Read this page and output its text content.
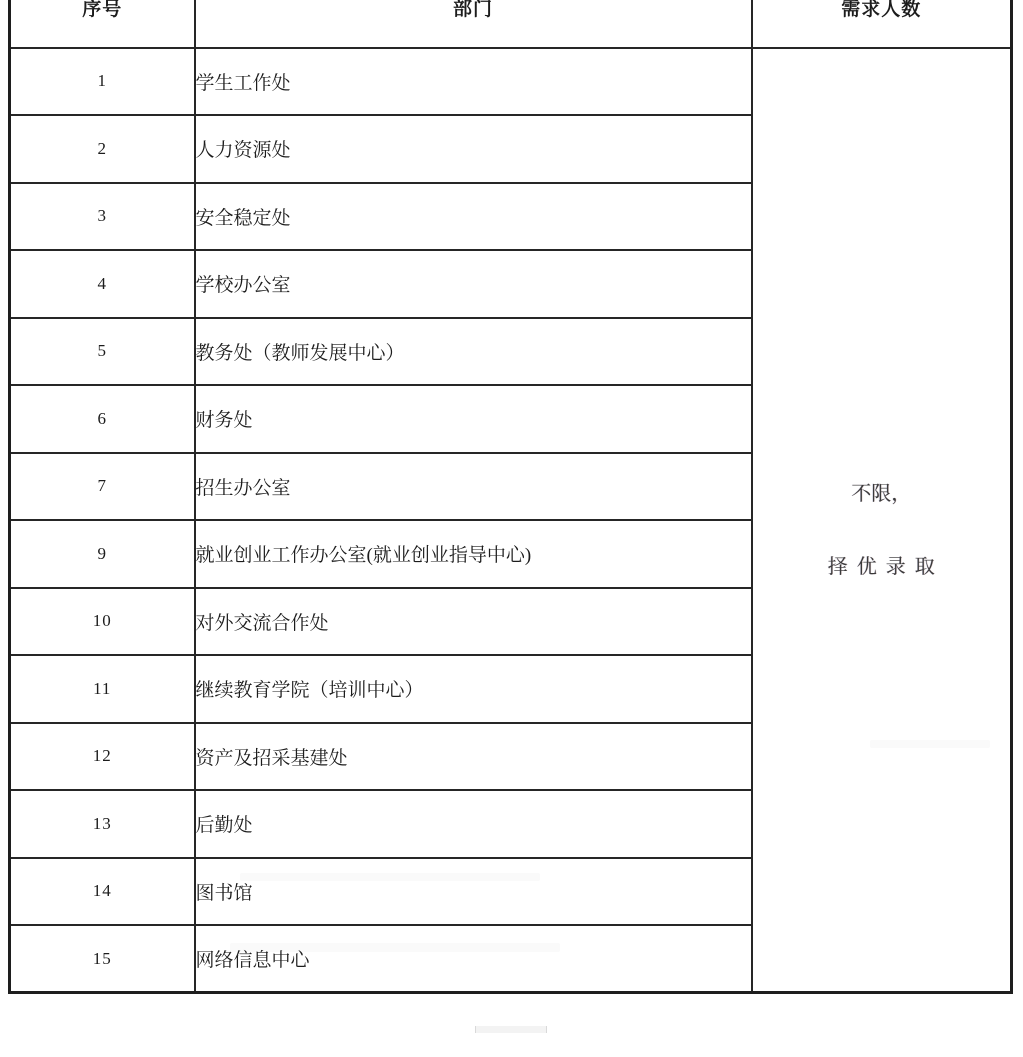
序号	部门	需求人数
1	学生工作处	不限，
择优录取

2	人力资源处	
3	安全稳定处	
4	学校办公室	
5	教务处（教师发展中心）	
6	财务处	
7	招生办公室	
9	就业创业工作办公室(就业创业指导中心)	
10	对外交流合作处	
11	继续教育学院（培训中心）	
12	资产及招采基建处	
13	后勤处	
14	图书馆	
15	网络信息中心	
